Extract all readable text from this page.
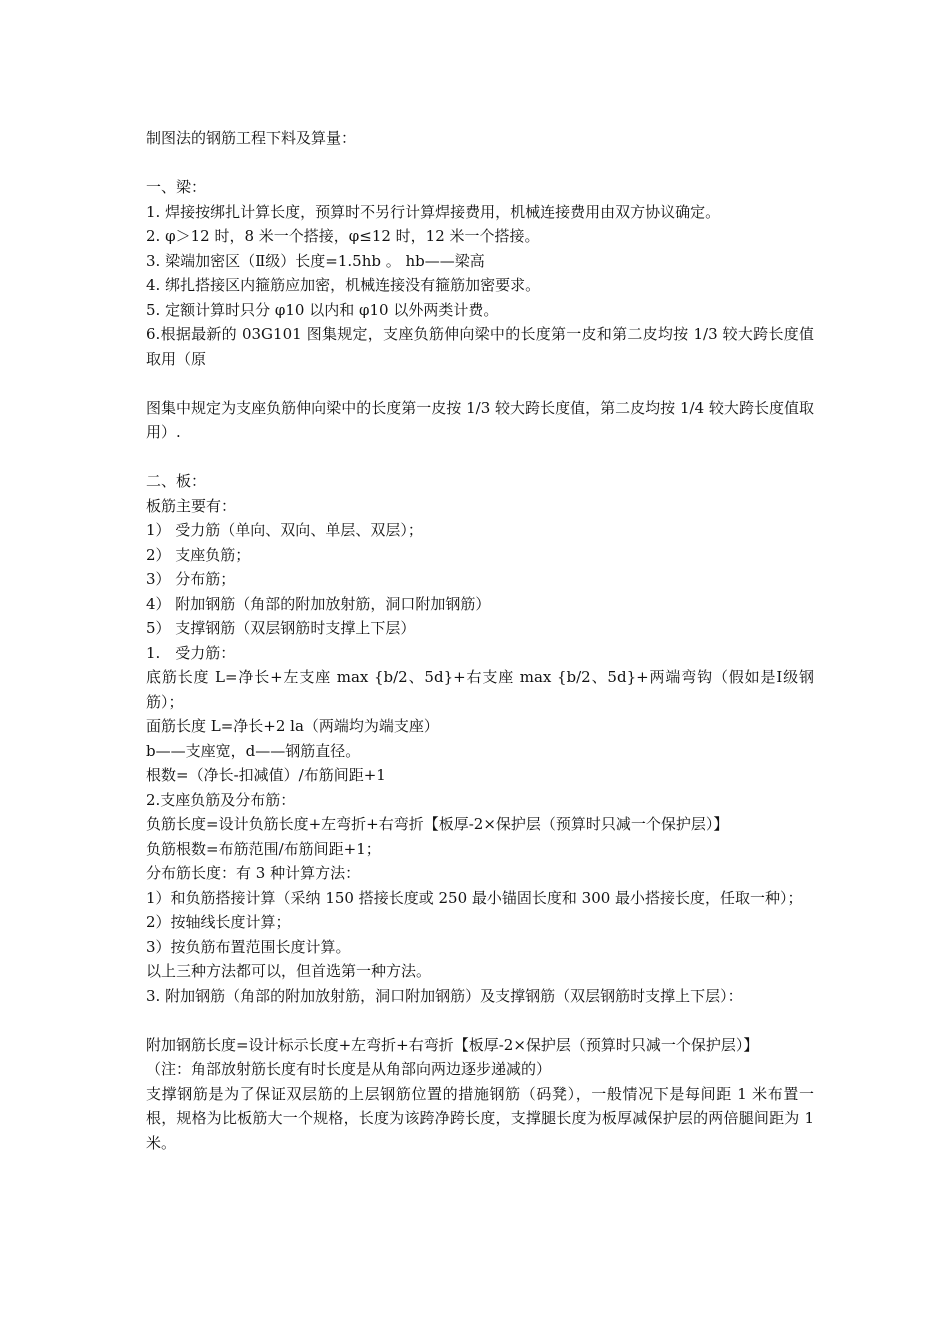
制图法的钢筋工程下料及算量：
一、梁：
1. 焊接按绑扎计算长度，预算时不另行计算焊接费用，机械连接费用由双方协议确定。
2. φ＞12 时，8 米一个搭接，φ≤12 时，12 米一个搭接。
3. 梁端加密区（Ⅱ级）长度=1.5hb 。 hb——梁高
4. 绑扎搭接区内箍筋应加密，机械连接没有箍筋加密要求。
5. 定额计算时只分 φ10 以内和 φ10 以外两类计费。
6.根据最新的 03G101 图集规定，支座负筋伸向梁中的长度第一皮和第二皮均按 1/3 较大跨长度值取用（原
图集中规定为支座负筋伸向梁中的长度第一皮按 1/3 较大跨长度值，第二皮均按 1/4 较大跨长度值取用）.
二、板：
板筋主要有：
1） 受力筋（单向、双向、单层、双层）；
2） 支座负筋；
3） 分布筋；
4） 附加钢筋（角部的附加放射筋，洞口附加钢筋）
5） 支撑钢筋（双层钢筋时支撑上下层）
1.　受力筋：
底筋长度 L=净长+左支座 max {b/2、5d}+右支座 max {b/2、5d}+两端弯钩（假如是Ⅰ级钢筋）；
面筋长度 L=净长+2 la（两端均为端支座）
b——支座宽，d——钢筋直径。
根数=（净长-扣减值）/布筋间距+1
2.支座负筋及分布筋：
负筋长度=设计负筋长度+左弯折+右弯折【板厚-2×保护层（预算时只减一个保护层）】
负筋根数=布筋范围/布筋间距+1；
分布筋长度：有 3 种计算方法：
1）和负筋搭接计算（采纳 150 搭接长度或 250 最小锚固长度和 300 最小搭接长度，任取一种）；
2）按轴线长度计算；
3）按负筋布置范围长度计算。
以上三种方法都可以，但首选第一种方法。
3. 附加钢筋（角部的附加放射筋，洞口附加钢筋）及支撑钢筋（双层钢筋时支撑上下层）：
附加钢筋长度=设计标示长度+左弯折+右弯折【板厚-2×保护层（预算时只减一个保护层）】
（注：角部放射筋长度有时长度是从角部向两边逐步递减的）
支撑钢筋是为了保证双层筋的上层钢筋位置的措施钢筋（码凳），一般情况下是每间距 1 米布置一根，规格为比板筋大一个规格，长度为该跨净跨长度，支撑腿长度为板厚减保护层的两倍腿间距为 1 米。
